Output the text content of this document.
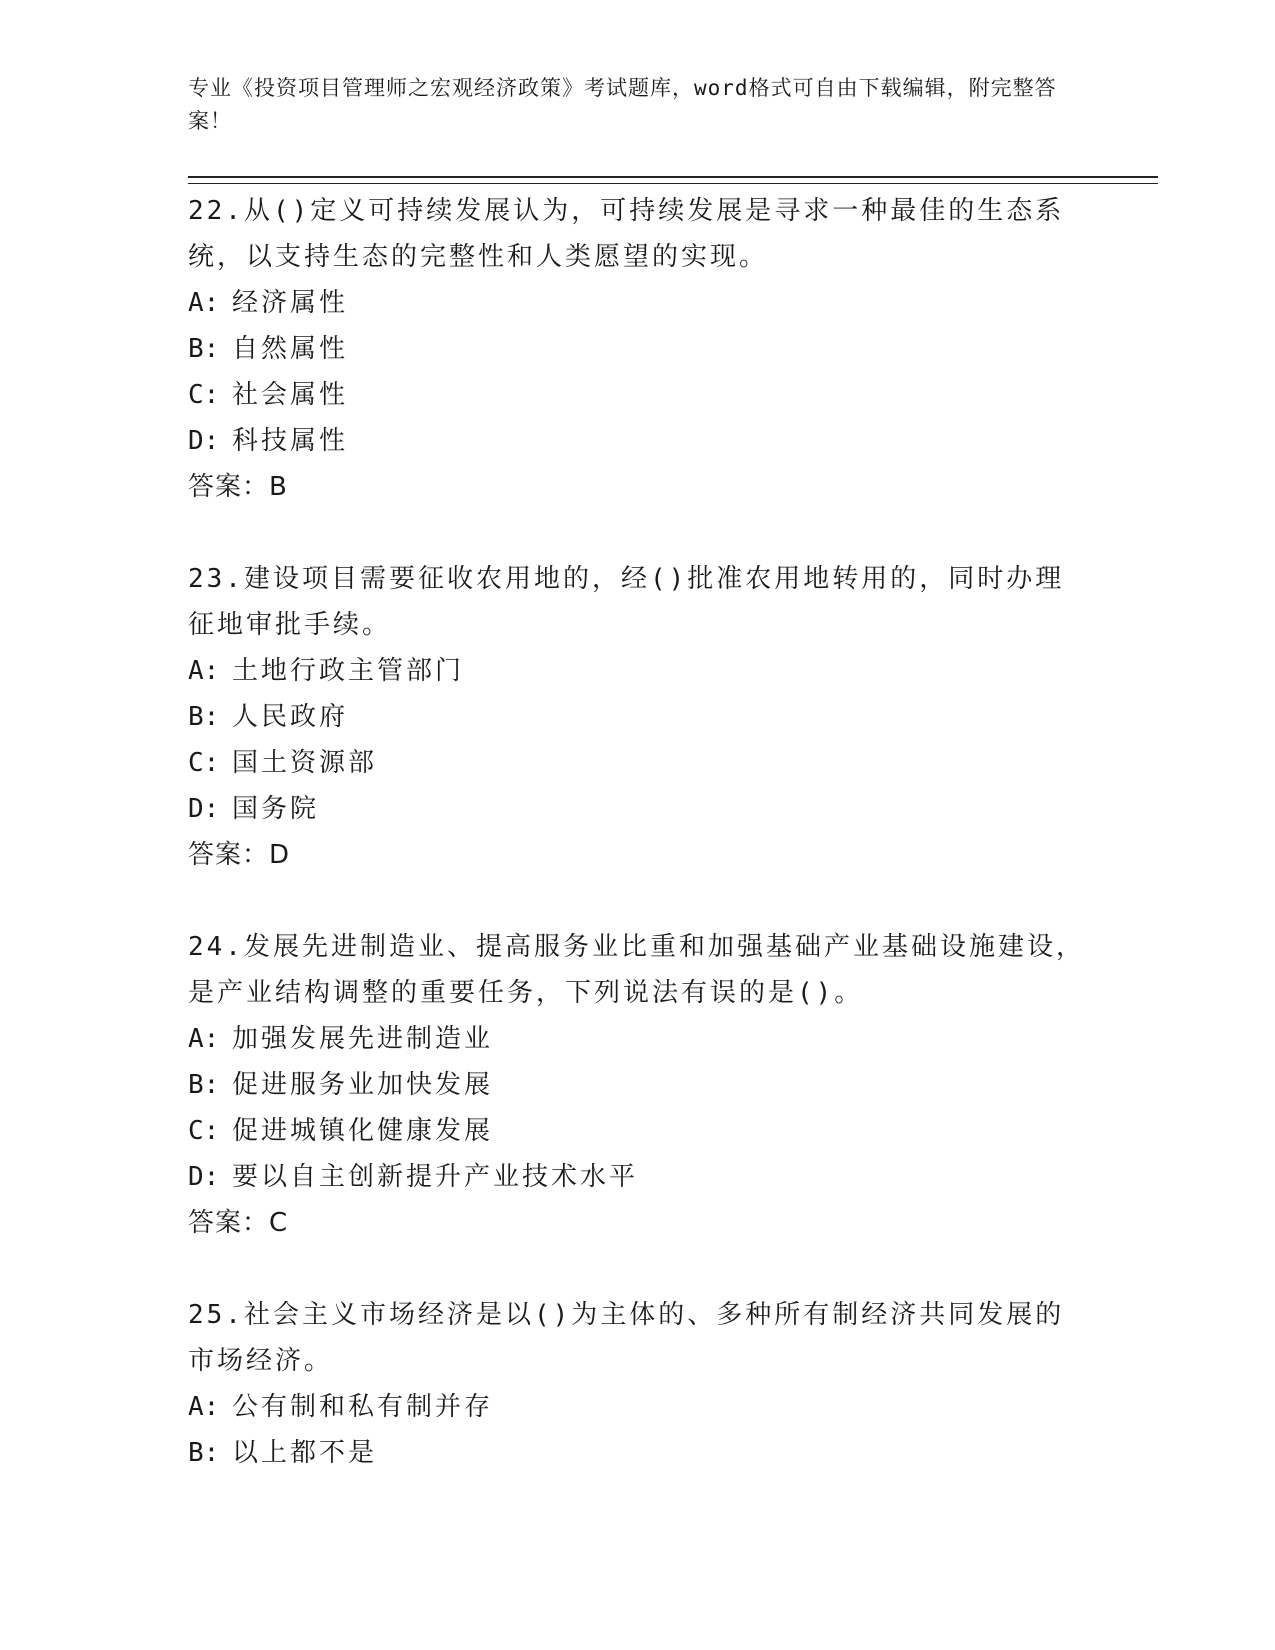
专业《投资项目管理师之宏观经济政策》考试题库，word格式可自由下载编辑，附完整答案！
22.从()定义可持续发展认为，可持续发展是寻求一种最佳的生态系统，以支持生态的完整性和人类愿望的实现。
A: 经济属性
B: 自然属性
C: 社会属性
D: 科技属性
答案：B
23.建设项目需要征收农用地的，经()批准农用地转用的，同时办理征地审批手续。
A: 土地行政主管部门
B: 人民政府
C: 国土资源部
D: 国务院
答案：D
24.发展先进制造业、提高服务业比重和加强基础产业基础设施建设，是产业结构调整的重要任务，下列说法有误的是()。
A: 加强发展先进制造业
B: 促进服务业加快发展
C: 促进城镇化健康发展
D: 要以自主创新提升产业技术水平
答案：C
25.社会主义市场经济是以()为主体的、多种所有制经济共同发展的市场经济。
A: 公有制和私有制并存
B: 以上都不是
